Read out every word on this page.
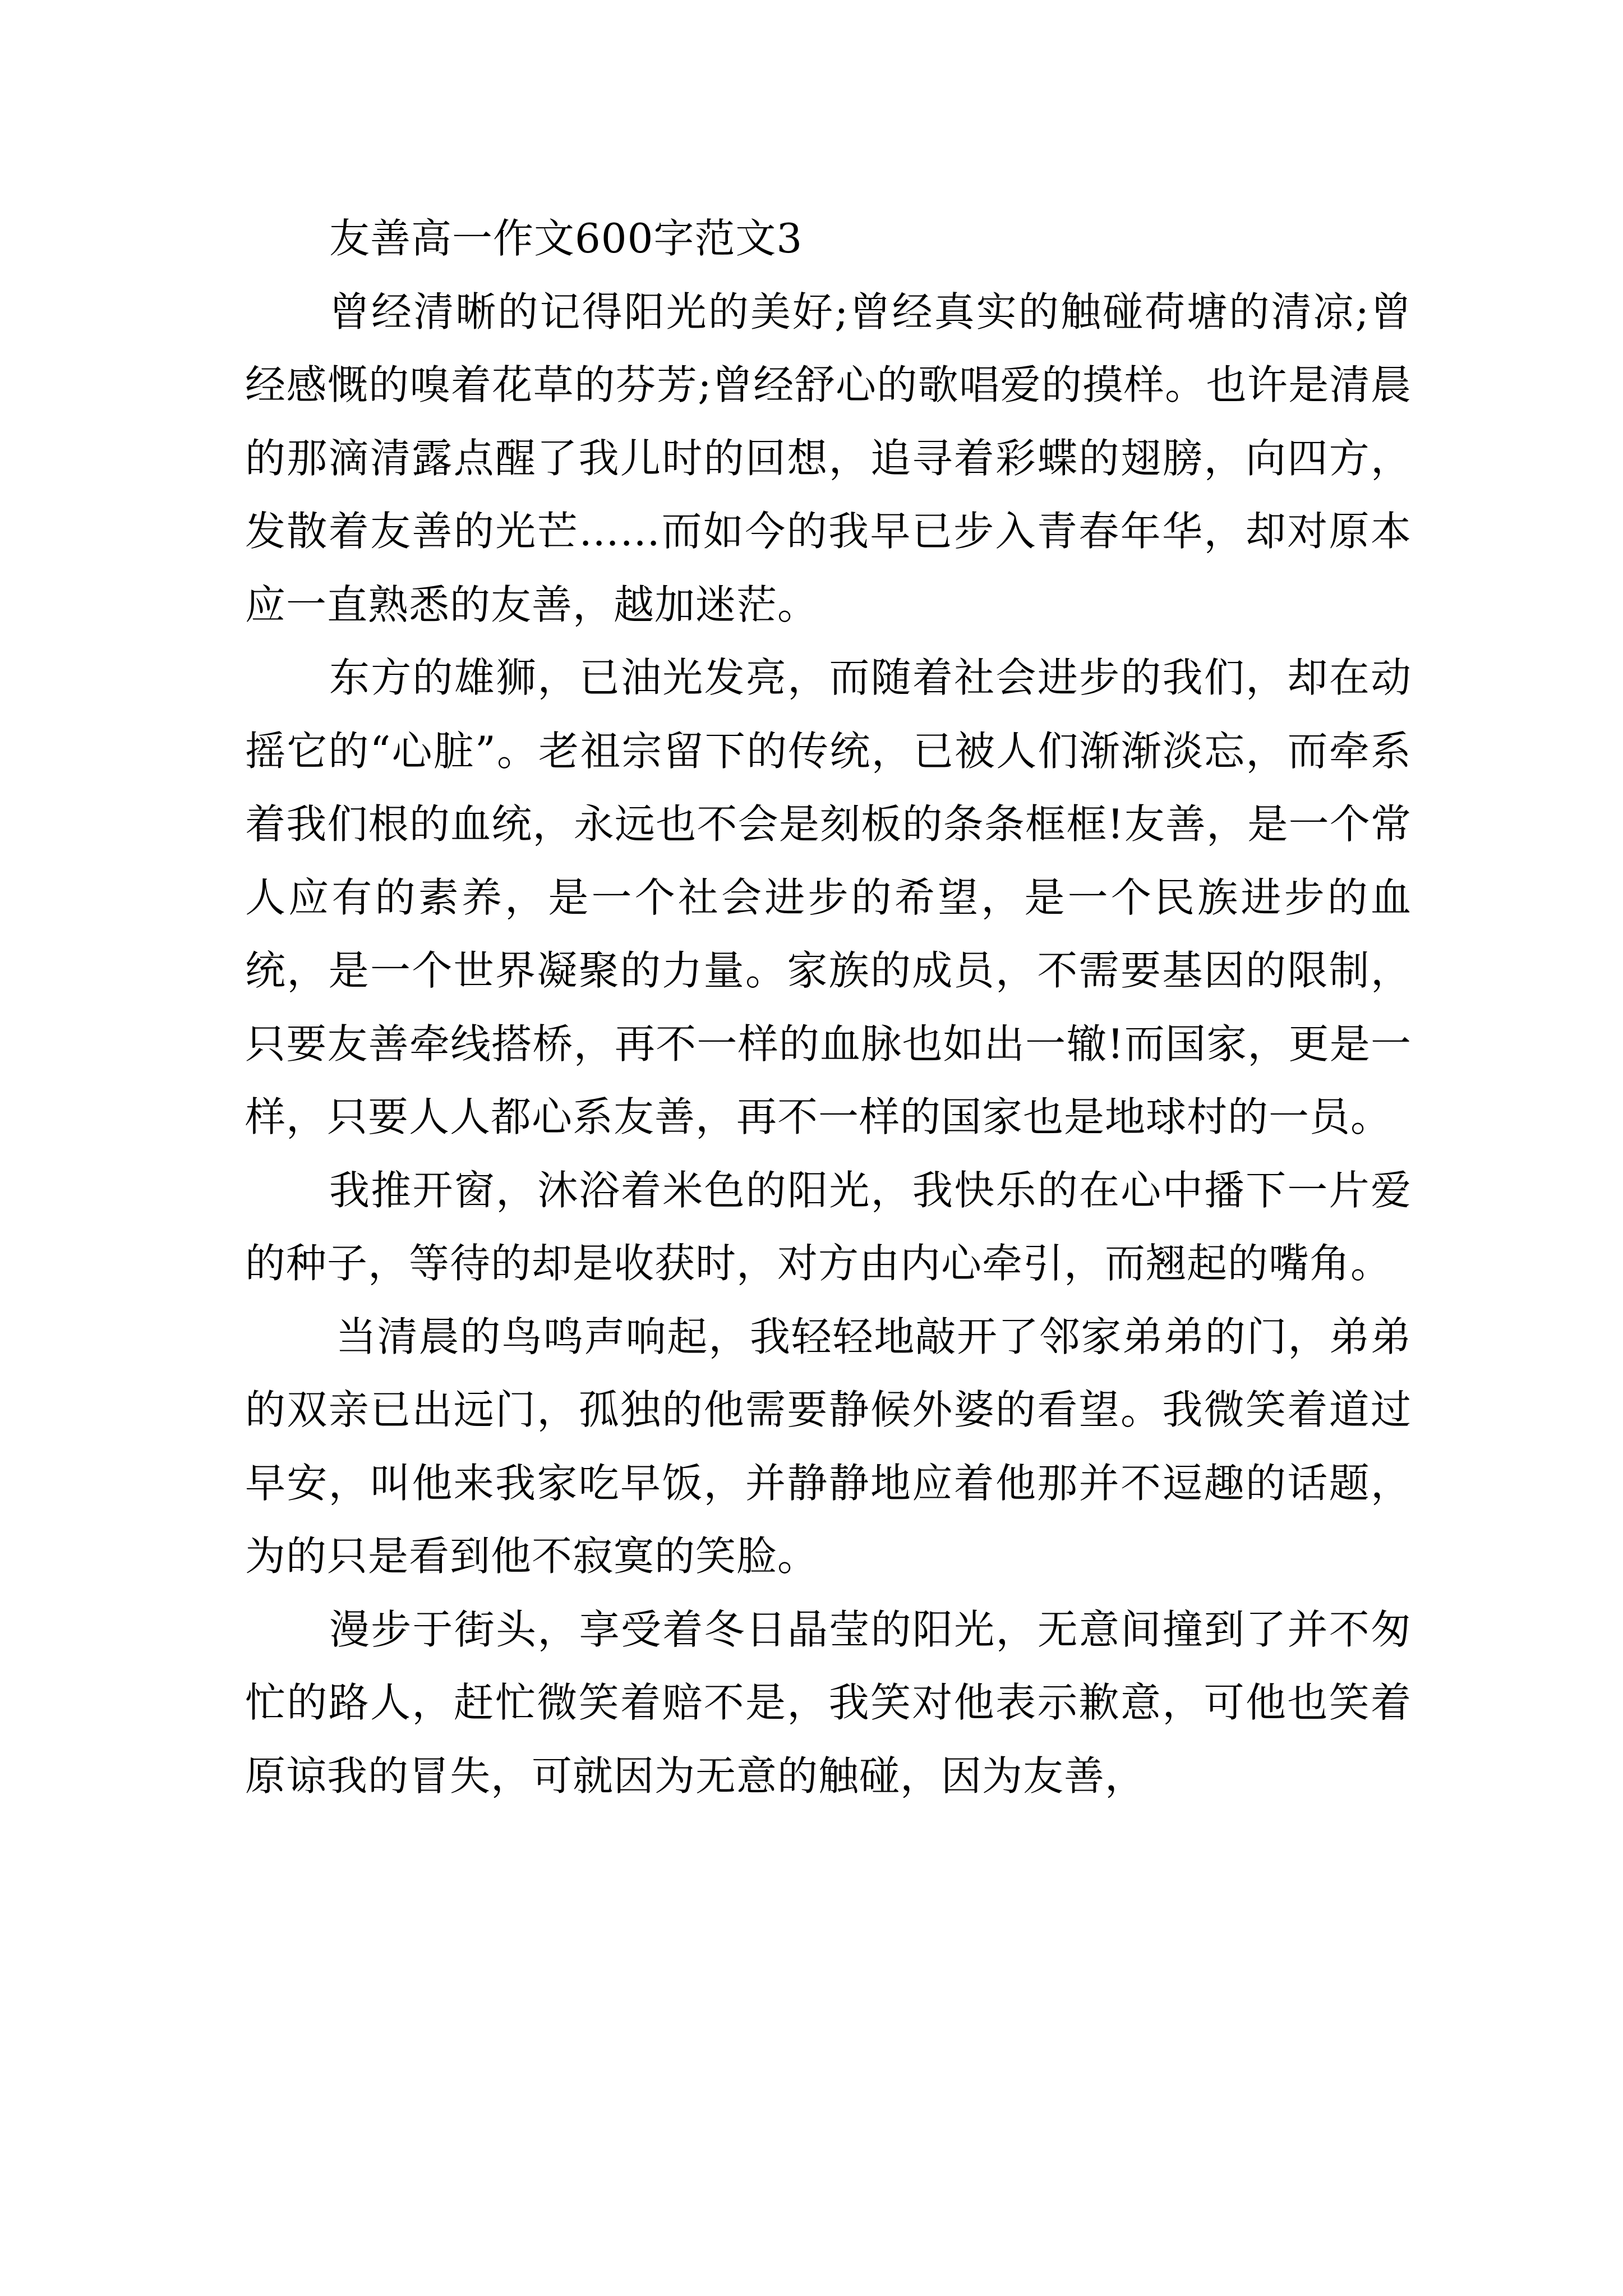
友善高一作文600字范文3

曾经清晰的记得阳光的美好;曾经真实的触碰荷塘的清凉;曾经感慨的嗅着花草的芬芳;曾经舒心的歌唱爱的摸样。也许是清晨的那滴清露点醒了我儿时的回想，追寻着彩蝶的翅膀，向四方，发散着友善的光芒……而如今的我早已步入青春年华，却对原本应一直熟悉的友善，越加迷茫。

东方的雄狮，已油光发亮，而随着社会进步的我们，却在动摇它的“心脏”。老祖宗留下的传统，已被人们渐渐淡忘，而牵系着我们根的血统，永远也不会是刻板的条条框框!友善，是一个常人应有的素养，是一个社会进步的希望，是一个民族进步的血统，是一个世界凝聚的力量。家族的成员，不需要基因的限制，只要友善牵线搭桥，再不一样的血脉也如出一辙!而国家，更是一样，只要人人都心系友善，再不一样的国家也是地球村的一员。

我推开窗，沐浴着米色的阳光，我快乐的在心中播下一片爱的种子，等待的却是收获时，对方由内心牵引，而翘起的嘴角。

当清晨的鸟鸣声响起，我轻轻地敲开了邻家弟弟的门，弟弟的双亲已出远门，孤独的他需要静候外婆的看望。我微笑着道过早安，叫他来我家吃早饭，并静静地应着他那并不逗趣的话题，为的只是看到他不寂寞的笑脸。

漫步于街头，享受着冬日晶莹的阳光，无意间撞到了并不匆忙的路人，赶忙微笑着赔不是，我笑对他表示歉意，可他也笑着原谅我的冒失，可就因为无意的触碰，因为友善，
